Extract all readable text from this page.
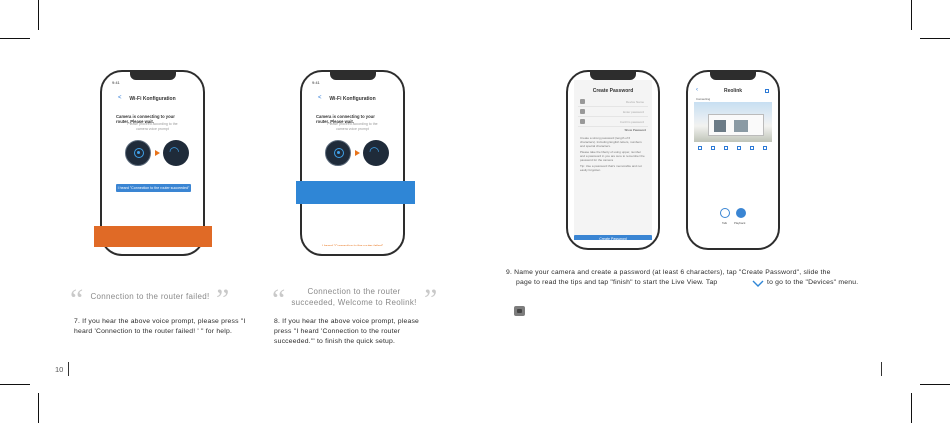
9:41
<	Wi-Fi Konfiguration
Camera is connecting to your router. Please wait.
Please proceed according to the camera voice prompt
◠
I heard "Connection to the router succeeded"
9:41
<	Wi-Fi Konfiguration
Camera is connecting to your router. Please wait.
Please proceed according to the camera voice prompt
◠
I heard "Connection to the router failed"
Create Password
Device Name
Enter password
Confirm password
Show Password
Create a strong password (length of 6 characters). Including English letters, numbers and special characters.
Please take the liberty of using upper, number and a password in you are sure to remember the password for the camera
Tip: Use a password that's memorable and not easily forgotten
Create Password
‹	Reolink
Connecting
Talk	Playback
“ Connection to the router failed! ”
7. If you hear the above voice prompt, please press "I heard 'Connection to the router failed! ' " for help.
“	Connection to the router succeeded, Welcome to Reolink! ”
8. If you hear the above voice prompt, please press "I heard 'Connection to the router succeeded.'" to finish the quick setup.
9. Name your camera and create a password (at least 6 characters), tap "Create Password", slide the
page to read the tips and tap "finish" to start the Live View. Tap	to go to the "Devices" menu.
10
